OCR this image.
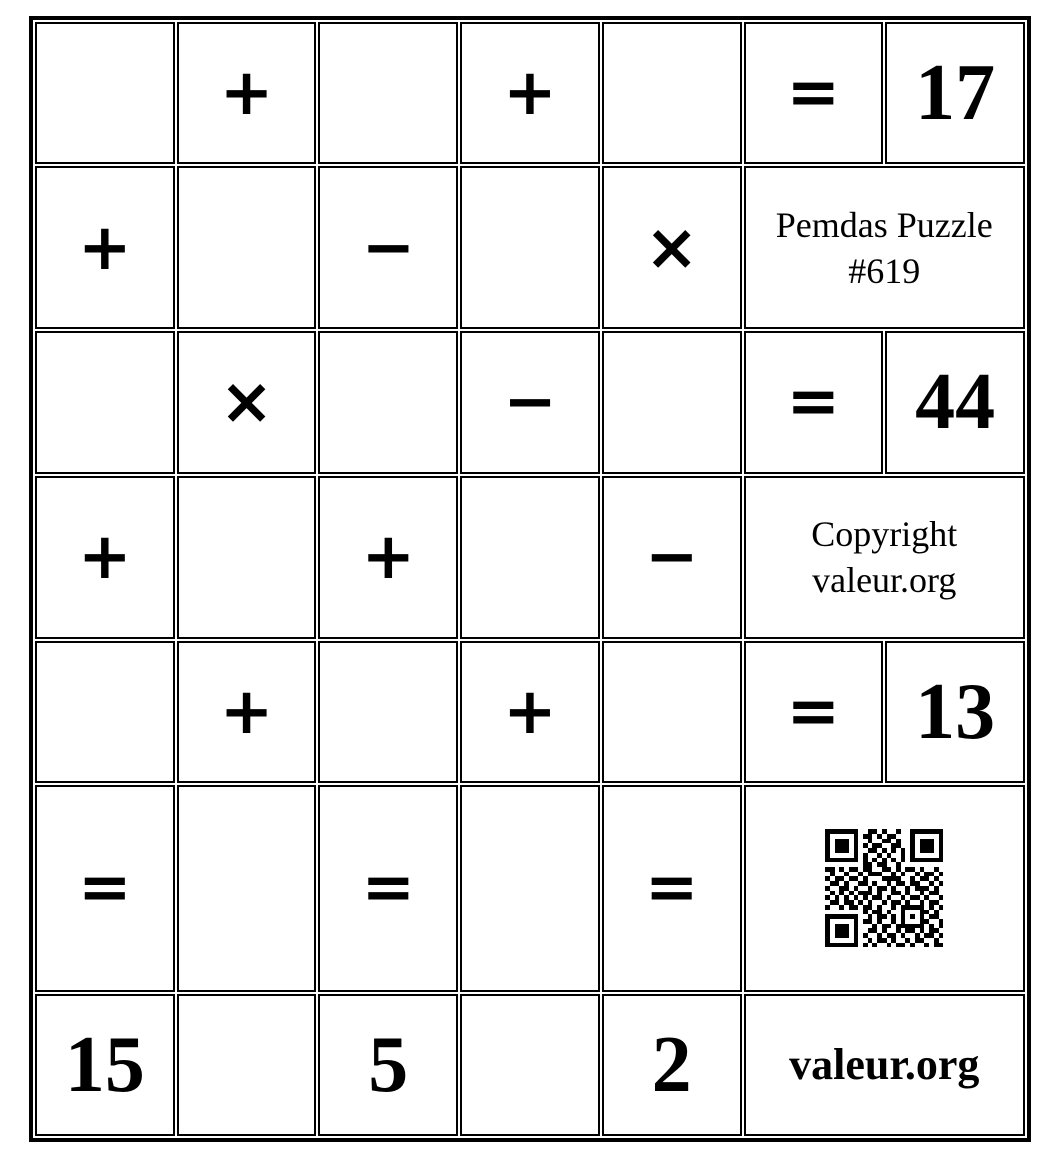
	+		+		=	17
+		−		×	Pemdas Puzzle
#619	

	×		−		=	44
+		+		−	Copyright
valeur.org	

	+		+		=	13
=		=		=		

15		5		2	valeur.org	
